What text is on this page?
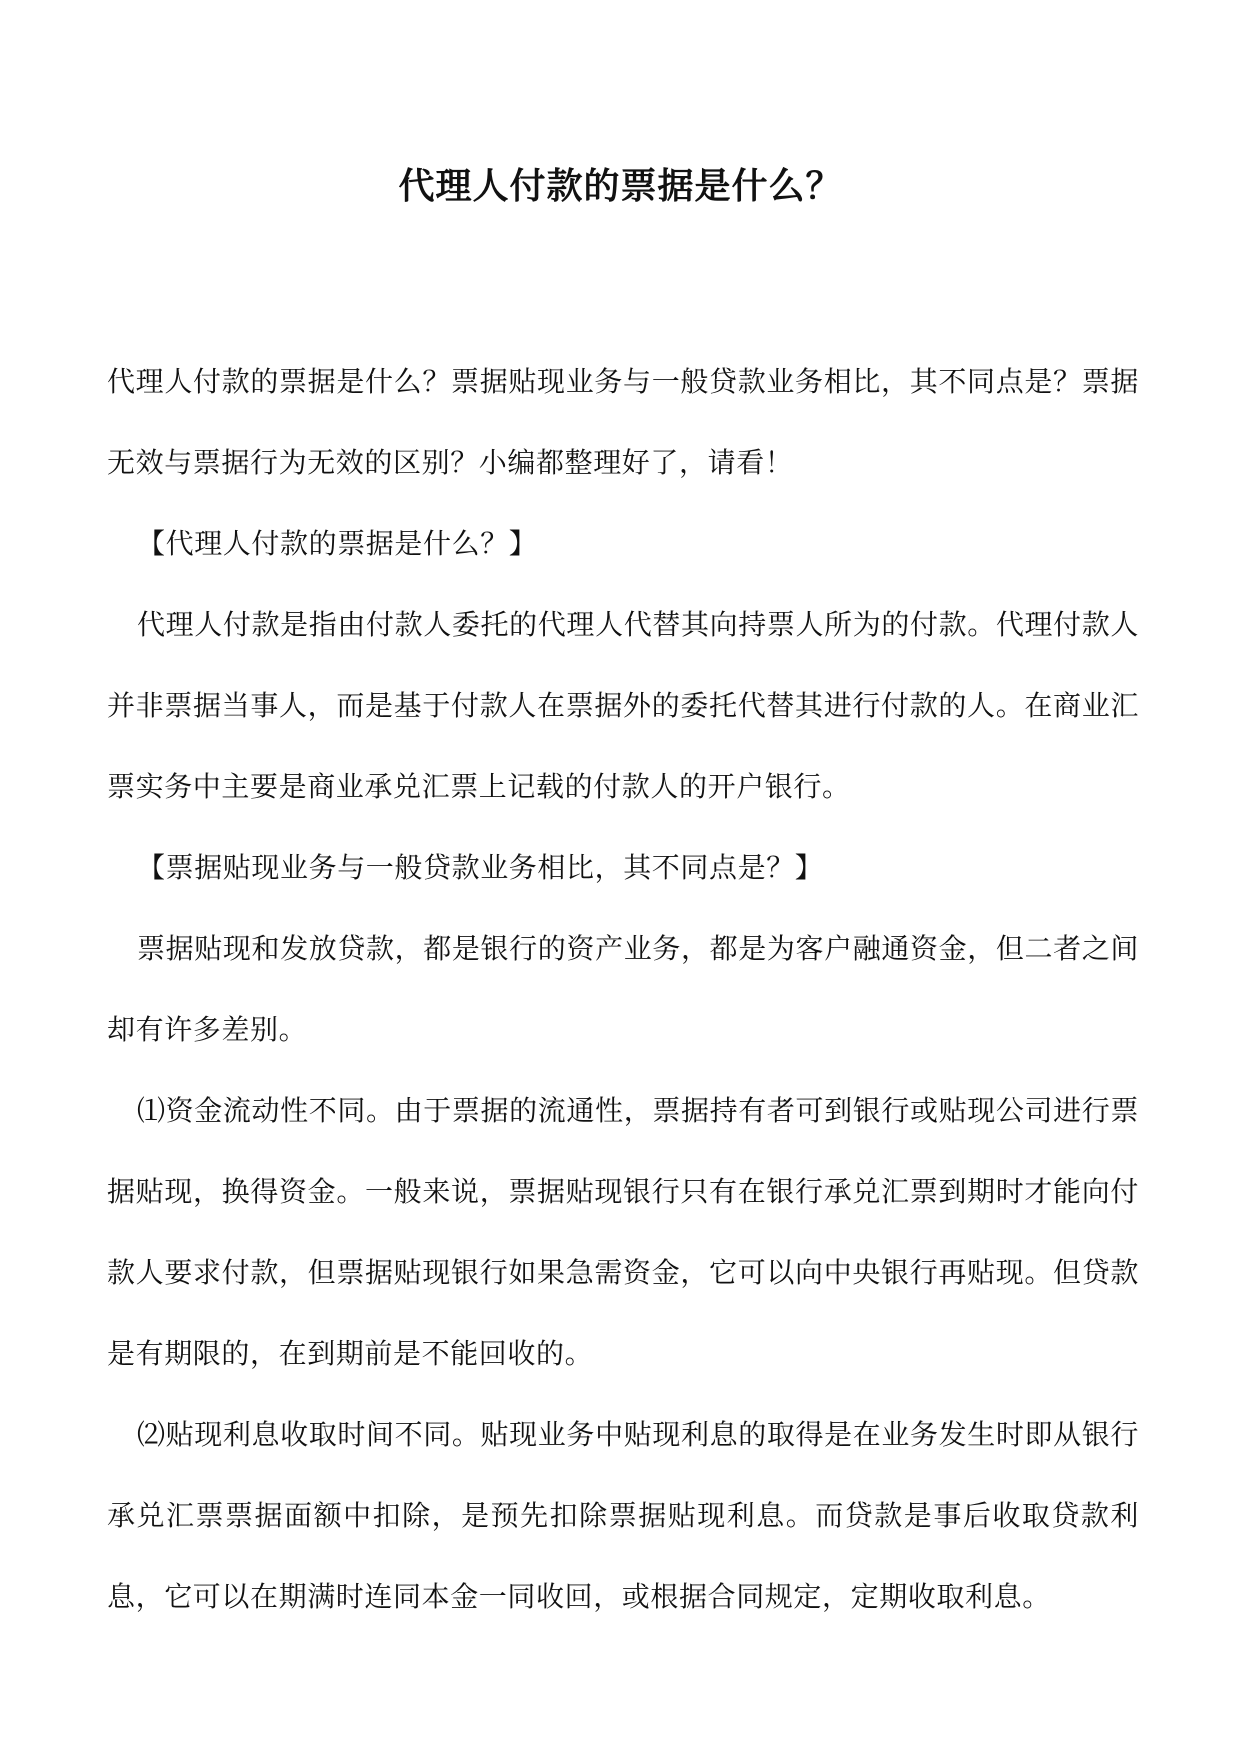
代理人付款的票据是什么？

代理人付款的票据是什么？票据贴现业务与一般贷款业务相比，其不同点是？票据无效与票据行为无效的区别？小编都整理好了，请看！

【代理人付款的票据是什么？】

代理人付款是指由付款人委托的代理人代替其向持票人所为的付款。代理付款人并非票据当事人，而是基于付款人在票据外的委托代替其进行付款的人。在商业汇票实务中主要是商业承兑汇票上记载的付款人的开户银行。

【票据贴现业务与一般贷款业务相比，其不同点是？】

票据贴现和发放贷款，都是银行的资产业务，都是为客户融通资金，但二者之间却有许多差别。

⑴资金流动性不同。由于票据的流通性，票据持有者可到银行或贴现公司进行票据贴现，换得资金。一般来说，票据贴现银行只有在银行承兑汇票到期时才能向付款人要求付款，但票据贴现银行如果急需资金，它可以向中央银行再贴现。但贷款是有期限的，在到期前是不能回收的。

⑵贴现利息收取时间不同。贴现业务中贴现利息的取得是在业务发生时即从银行承兑汇票票据面额中扣除，是预先扣除票据贴现利息。而贷款是事后收取贷款利息，它可以在期满时连同本金一同收回，或根据合同规定，定期收取利息。
